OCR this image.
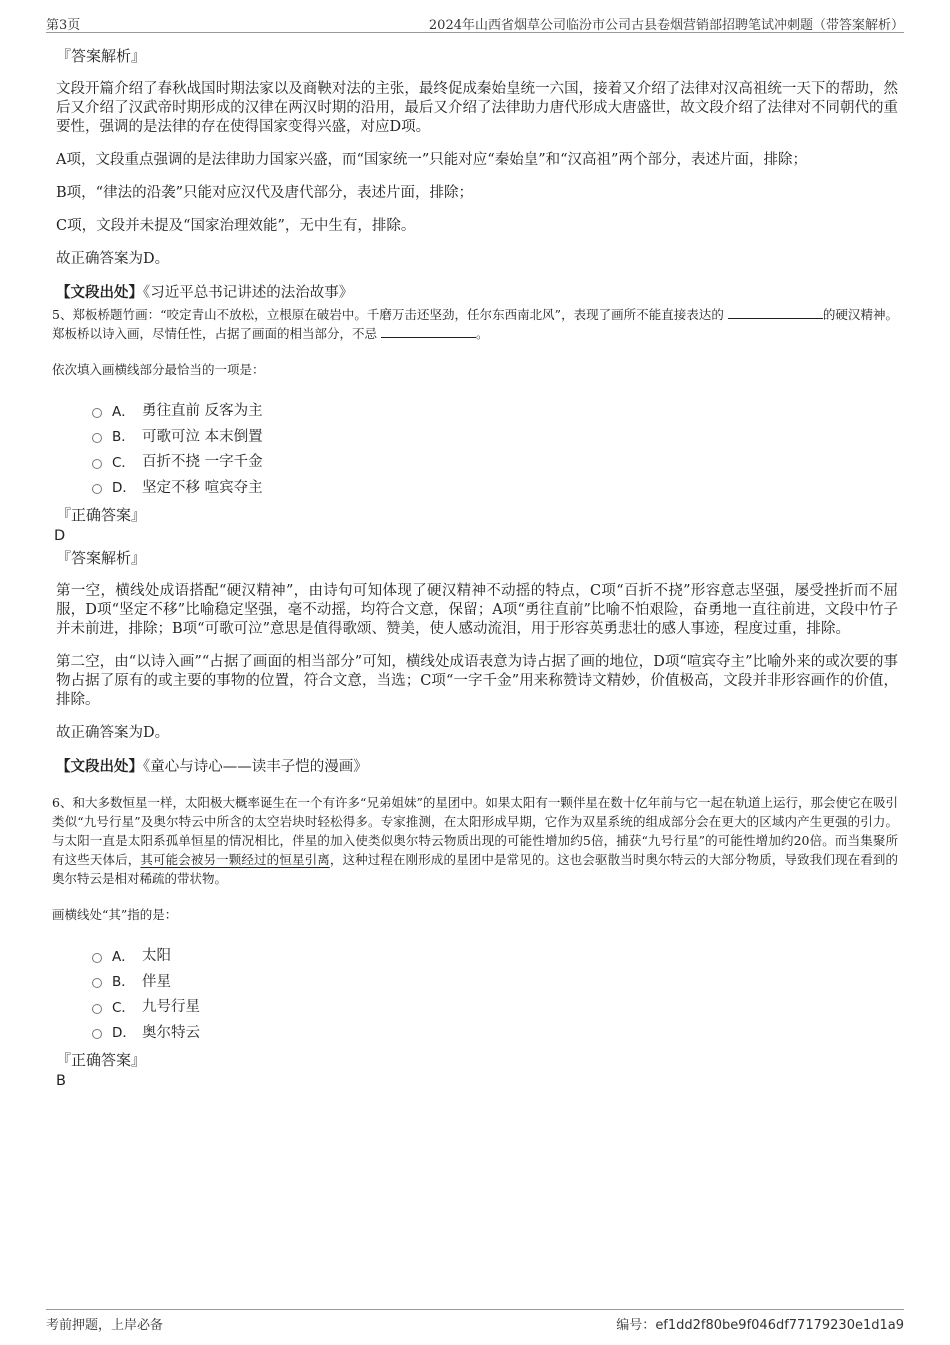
第3页	2024年山西省烟草公司临汾市公司古县卷烟营销部招聘笔试冲刺题（带答案解析）
『答案解析』

文段开篇介绍了春秋战国时期法家以及商鞅对法的主张，最终促成秦始皇统一六国，接着又介绍了法律对汉高祖统一天下的帮助，然后又介绍了汉武帝时期形成的汉律在两汉时期的沿用，最后又介绍了法律助力唐代形成大唐盛世，故文段介绍了法律对不同朝代的重要性，强调的是法律的存在使得国家变得兴盛，对应D项。

A项，文段重点强调的是法律助力国家兴盛，而“国家统一”只能对应“秦始皇”和“汉高祖”两个部分，表述片面，排除；

B项，“律法的沿袭”只能对应汉代及唐代部分，表述片面，排除；

C项，文段并未提及“国家治理效能”，无中生有，排除。

故正确答案为D。

【文段出处】《习近平总书记讲述的法治故事》

5、郑板桥题竹画：“咬定青山不放松，立根原在破岩中。千磨万击还坚劲，任尔东西南北风”，表现了画所不能直接表达的	的硬汉精神。郑板桥以诗入画，尽情任性，占据了画面的相当部分，不忌	。

依次填入画横线部分最恰当的一项是：

A． 勇往直前 反客为主
B． 可歌可泣 本末倒置
C． 百折不挠 一字千金
D． 坚定不移 喧宾夺主
『正确答案』
D
『答案解析』

第一空，横线处成语搭配“硬汉精神”，由诗句可知体现了硬汉精神不动摇的特点，C项“百折不挠”形容意志坚强，屡受挫折而不屈服，D项“坚定不移”比喻稳定坚强，毫不动摇，均符合文意，保留；A项“勇往直前”比喻不怕艰险，奋勇地一直往前进，文段中竹子并未前进，排除；B项“可歌可泣”意思是值得歌颂、赞美，使人感动流泪，用于形容英勇悲壮的感人事迹，程度过重，排除。

第二空，由“以诗入画”“占据了画面的相当部分”可知，横线处成语表意为诗占据了画的地位，D项“喧宾夺主”比喻外来的或次要的事物占据了原有的或主要的事物的位置，符合文意，当选；C项“一字千金”用来称赞诗文精妙，价值极高，文段并非形容画作的价值，排除。

故正确答案为D。

【文段出处】《童心与诗心——读丰子恺的漫画》

6、和大多数恒星一样，太阳极大概率诞生在一个有许多“兄弟姐妹”的星团中。如果太阳有一颗伴星在数十亿年前与它一起在轨道上运行，那会使它在吸引类似“九号行星”及奥尔特云中所含的太空岩块时轻松得多。专家推测，在太阳形成早期，它作为双星系统的组成部分会在更大的区域内产生更强的引力。与太阳一直是太阳系孤单恒星的情况相比，伴星的加入使类似奥尔特云物质出现的可能性增加约5倍，捕获“九号行星”的可能性增加约20倍。而当集聚所有这些天体后，其可能会被另一颗经过的恒星引离，这种过程在刚形成的星团中是常见的。这也会驱散当时奥尔特云的大部分物质，导致我们现在看到的奥尔特云是相对稀疏的带状物。

画横线处“其”指的是：

A． 太阳
B． 伴星
C． 九号行星
D． 奥尔特云
『正确答案』
B
考前押题，上岸必备	编号：ef1dd2f80be9f046df77179230e1d1a9
